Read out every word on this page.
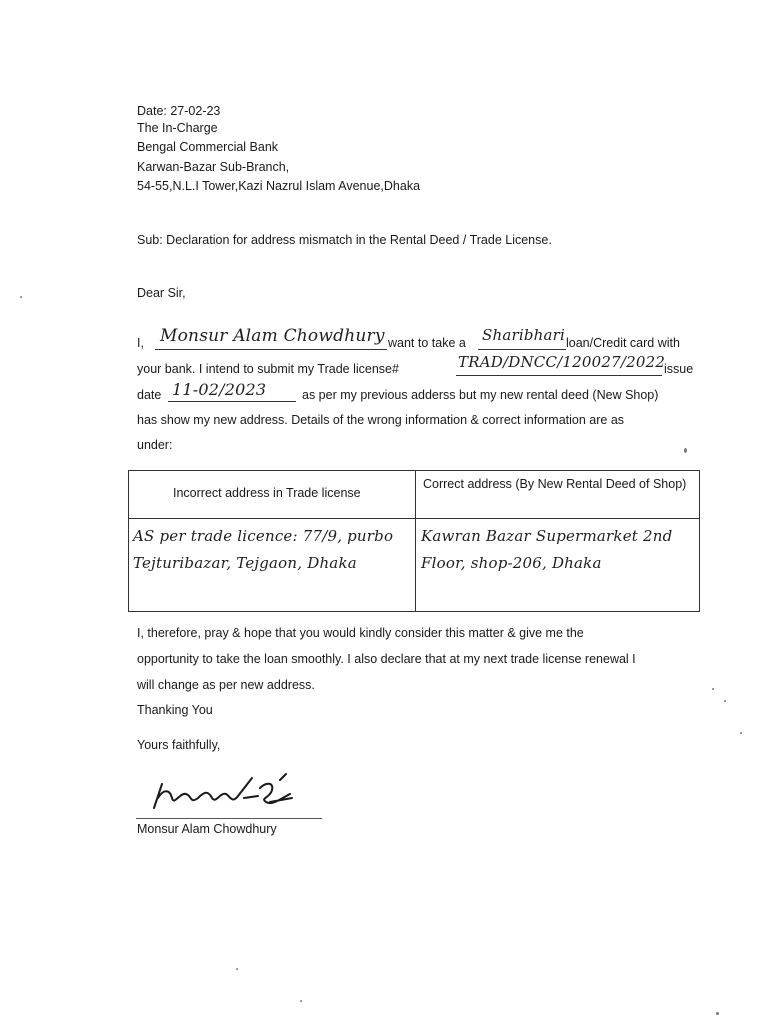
Date: 27-02-23
The In-Charge
Bengal Commercial Bank
Karwan-Bazar Sub-Branch,
54-55,N.L.I Tower,Kazi Nazrul Islam Avenue,Dhaka
Sub: Declaration for address mismatch in the Rental Deed / Trade License.
Dear Sir,
I, Monsur Alam Chowdhury want to take a Sharibhari loan/Credit card with
your bank. I intend to submit my Trade license#	TRAD/DNCC/120027/2022
issue
date 11-02/2023	as per my previous adderss but my new rental deed (New Shop)
has show my new address. Details of the wrong information & correct information are as
under:
Incorrect address in Trade license
Correct address (By New Rental Deed of Shop)
AS per trade licence: 77/9, purbo Tejturibazar, Tejgaon, Dhaka
Kawran Bazar Supermarket 2nd Floor, shop-206, Dhaka
I, therefore, pray & hope that you would kindly consider this matter & give me the
opportunity to take the loan smoothly. I also declare that at my next trade license renewal I
will change as per new address.
Thanking You
Yours faithfully,
Monsur Alam Chowdhury
